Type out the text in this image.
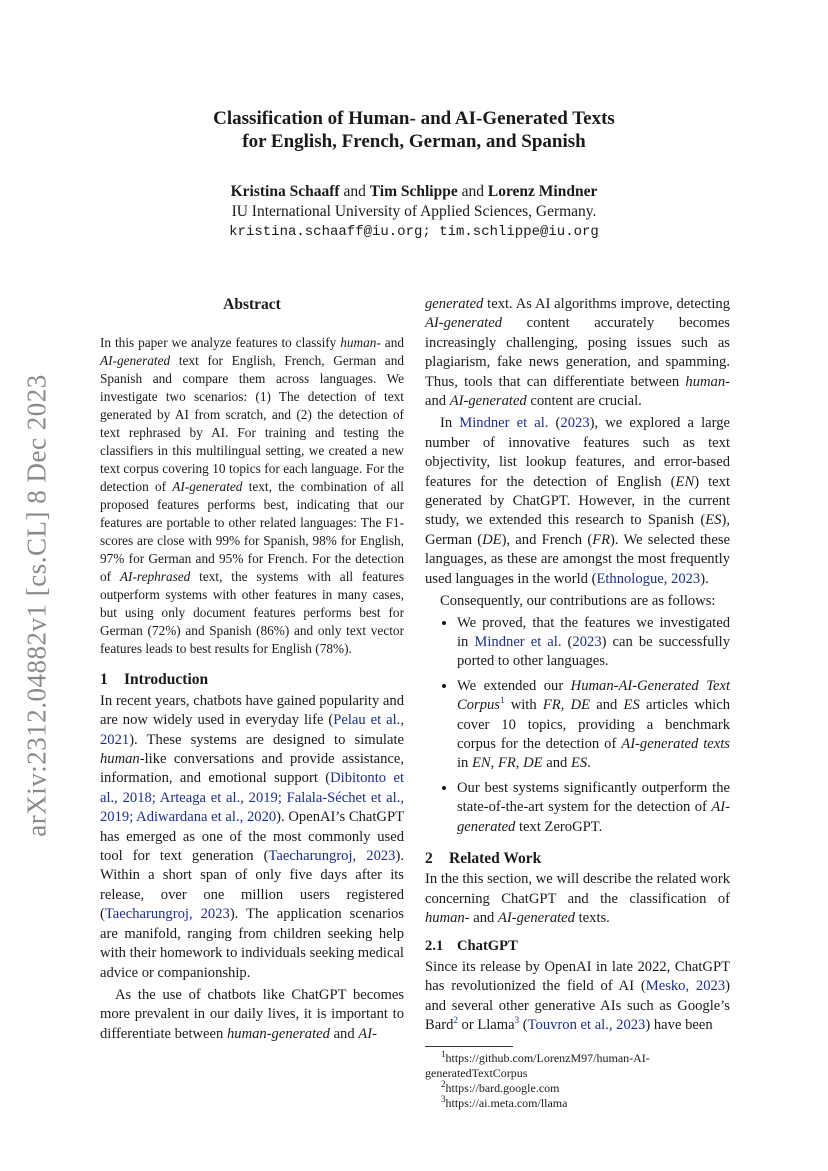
arXiv:2312.04882v1 [cs.CL] 8 Dec 2023
Classification of Human- and AI-Generated Texts
for English, French, German, and Spanish
Kristina Schaaff and Tim Schlippe and Lorenz Mindner
IU International University of Applied Sciences, Germany.
kristina.schaaff@iu.org; tim.schlippe@iu.org
Abstract

In this paper we analyze features to classify human- and AI-generated text for English, French, German and Spanish and compare them across languages. We investigate two scenarios: (1) The detection of text generated by AI from scratch, and (2) the detection of text rephrased by AI. For training and testing the classifiers in this multilingual setting, we created a new text corpus covering 10 topics for each language. For the detection of AI-generated text, the combination of all proposed features performs best, indicating that our features are portable to other related languages: The F1-scores are close with 99% for Spanish, 98% for English, 97% for German and 95% for French. For the detection of AI-rephrased text, the systems with all features outperform systems with other features in many cases, but using only document features performs best for German (72%) and Spanish (86%) and only text vector features leads to best results for English (78%).

1 Introduction

In recent years, chatbots have gained popularity and are now widely used in everyday life (Pelau et al., 2021). These systems are designed to simulate human-like conversations and provide assistance, information, and emotional support (Dibitonto et al., 2018; Arteaga et al., 2019; Falala-Séchet et al., 2019; Adiwardana et al., 2020). OpenAI’s ChatGPT has emerged as one of the most commonly used tool for text generation (Taecharungroj, 2023). Within a short span of only five days after its release, over one million users registered (Taecharungroj, 2023). The application scenarios are manifold, ranging from children seeking help with their homework to individuals seeking medical advice or companionship.

As the use of chatbots like ChatGPT becomes more prevalent in our daily lives, it is important to differentiate between human-generated and AI-

generated text. As AI algorithms improve, detecting AI-generated content accurately becomes increasingly challenging, posing issues such as plagiarism, fake news generation, and spamming. Thus, tools that can differentiate between human- and AI-generated content are crucial.

In Mindner et al. (2023), we explored a large number of innovative features such as text objectivity, list lookup features, and error-based features for the detection of English (EN) text generated by ChatGPT. However, in the current study, we extended this research to Spanish (ES), German (DE), and French (FR). We selected these languages, as these are amongst the most frequently used languages in the world (Ethnologue, 2023).

Consequently, our contributions are as follows:

• We proved, that the features we investigated in Mindner et al. (2023) can be successfully ported to other languages.
• We extended our Human-AI-Generated Text Corpus$^1$ with FR, DE and ES articles which cover 10 topics, providing a benchmark corpus for the detection of AI-generated texts in EN, FR, DE and ES.
• Our best systems significantly outperform the state-of-the-art system for the detection of AI-generated text ZeroGPT.
2 Related Work

In the this section, we will describe the related work concerning ChatGPT and the classification of human- and AI-generated texts.

2.1 ChatGPT

Since its release by OpenAI in late 2022, ChatGPT has revolutionized the field of AI (Mesko, 2023) and several other generative AIs such as Google’s Bard$^2$ or Llama$^3$ (Touvron et al., 2023) have been

$^1$https://github.com/LorenzM97/human-AI-generatedTextCorpus
$^2$https://bard.google.com
$^3$https://ai.meta.com/llama
